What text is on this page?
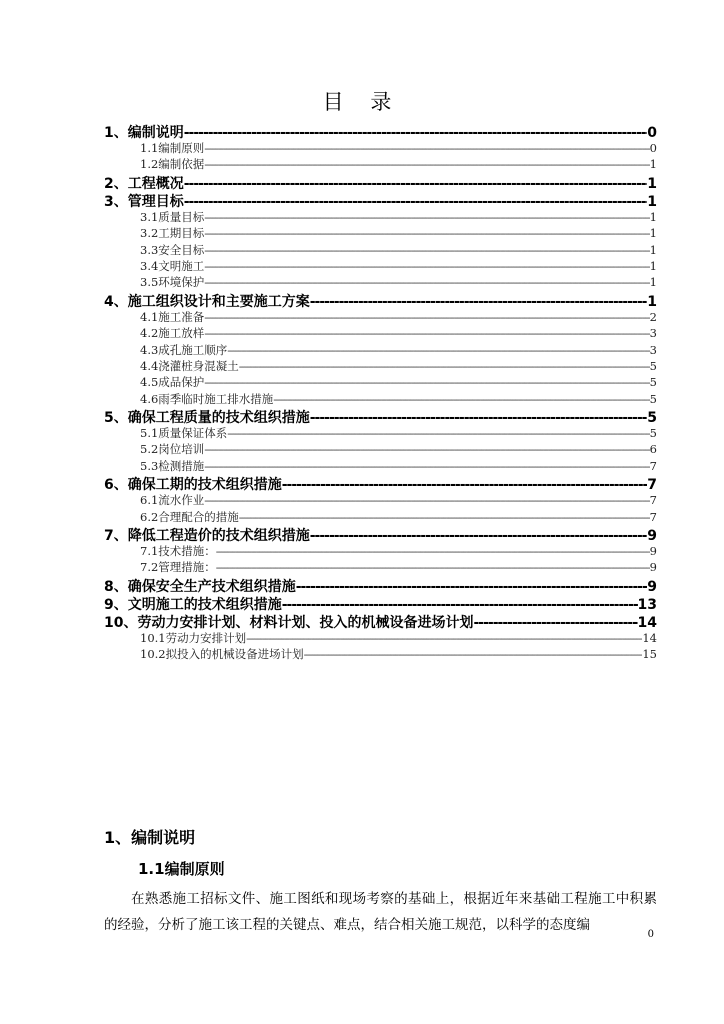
目 录
1、编制说明 -----	0
1.1编制原则 -----	0
1.2编制依据 -----	1
2、工程概况 -----	1
3、管理目标 -----	1
3.1质量目标 -----	1
3.2工期目标 -----	1
3.3安全目标 -----	1
3.4文明施工 -----	1
3.5环境保护 -----	1
4、施工组织设计和主要施工方案 -----	1
4.1施工准备 -----	2
4.2施工放样 -----	3
4.3成孔施工顺序 -----	3
4.4浇灌桩身混凝土 -----	5
4.5成品保护 -----	5
4.6雨季临时施工排水措施 -----	5
5、确保工程质量的技术组织措施 -----	5
5.1质量保证体系 -----	5
5.2岗位培训 -----	6
5.3检测措施 -----	7
6、确保工期的技术组织措施 -----	7
6.1流水作业 -----	7
6.2合理配合的措施 -----	7
7、降低工程造价的技术组织措施 -----	9
7.1技术措施： -----	9
7.2管理措施： -----	9
8、确保安全生产技术组织措施 -----	9
9、文明施工的技术组织措施 -----	13
10、劳动力安排计划、材料计划、投入的机械设备进场计划 -----	14
10.1劳动力安排计划 -----	14
10.2拟投入的机械设备进场计划 -----	15
1、编制说明
1.1编制原则
在熟悉施工招标文件、施工图纸和现场考察的基础上，根据近年来基础工程施工中积累的经验，分析了施工该工程的关键点、难点，结合相关施工规范，以科学的态度编
0
